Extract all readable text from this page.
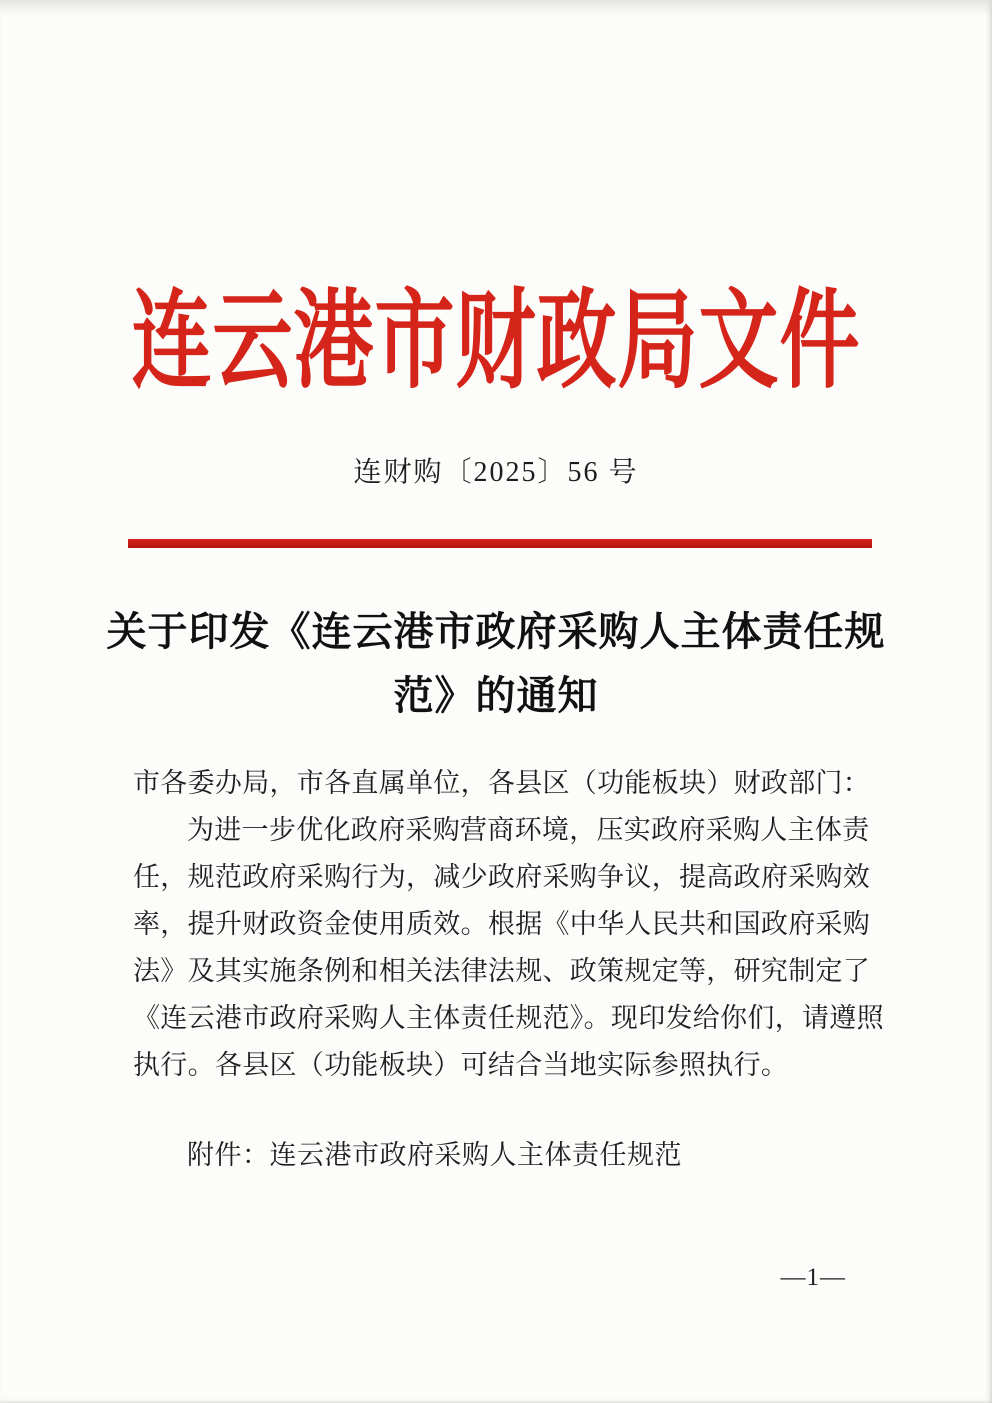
连云港市财政局文件
连财购〔2025〕56 号
关于印发《连云港市政府采购人主体责任规
范》的通知
市各委办局，市各直属单位，各县区（功能板块）财政部门：
为进一步优化政府采购营商环境，压实政府采购人主体责
任，规范政府采购行为，减少政府采购争议，提高政府采购效
率，提升财政资金使用质效。根据《中华人民共和国政府采购
法》及其实施条例和相关法律法规、政策规定等，研究制定了
《连云港市政府采购人主体责任规范》。现印发给你们，请遵照
执行。各县区（功能板块）可结合当地实际参照执行。
附件：连云港市政府采购人主体责任规范
—1—
